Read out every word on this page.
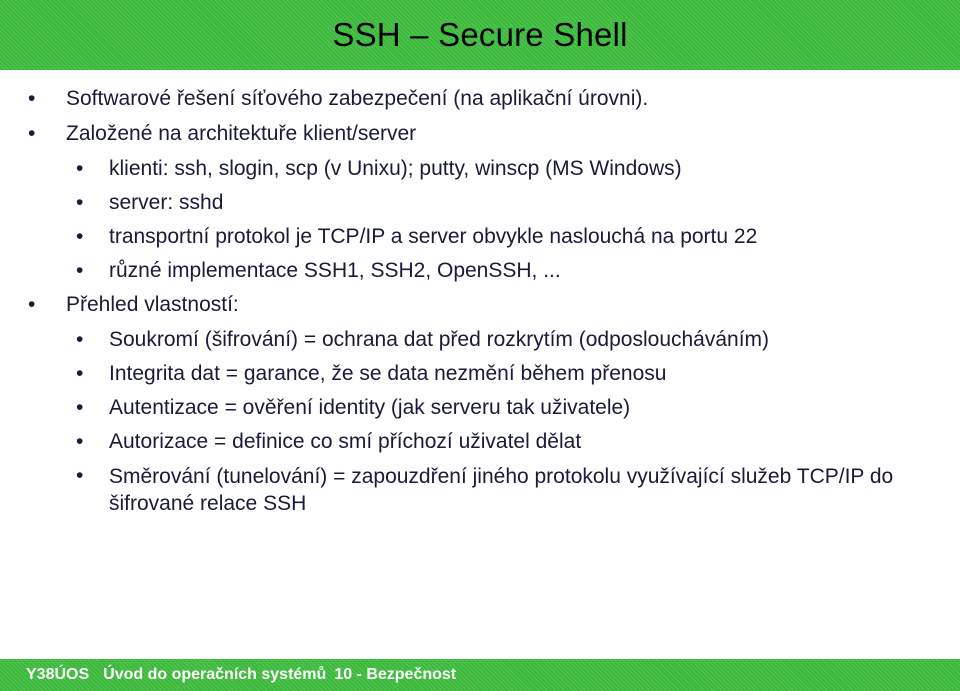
SSH – Secure Shell
• Softwarové řešení síťového zabezpečení (na aplikační úrovni).
• Založené na architektuře klient/server
• klienti: ssh, slogin, scp (v Unixu); putty, winscp (MS Windows)
• server: sshd
• transportní protokol je TCP/IP a server obvykle naslouchá na portu 22
• různé implementace SSH1, SSH2, OpenSSH, ...
• Přehled vlastností:
• Soukromí (šifrování) = ochrana dat před rozkrytím (odposloucháváním)
• Integrita dat = garance, že se data nezmění během přenosu
• Autentizace = ověření identity (jak serveru tak uživatele)
• Autorizace = definice co smí příchozí uživatel dělat
• Směrování (tunelování) = zapouzdření jiného protokolu využívající služeb TCP/IP do šifrované relace SSH
Y38ÚOS Úvod do operačních systémů 10 - Bezpečnost
